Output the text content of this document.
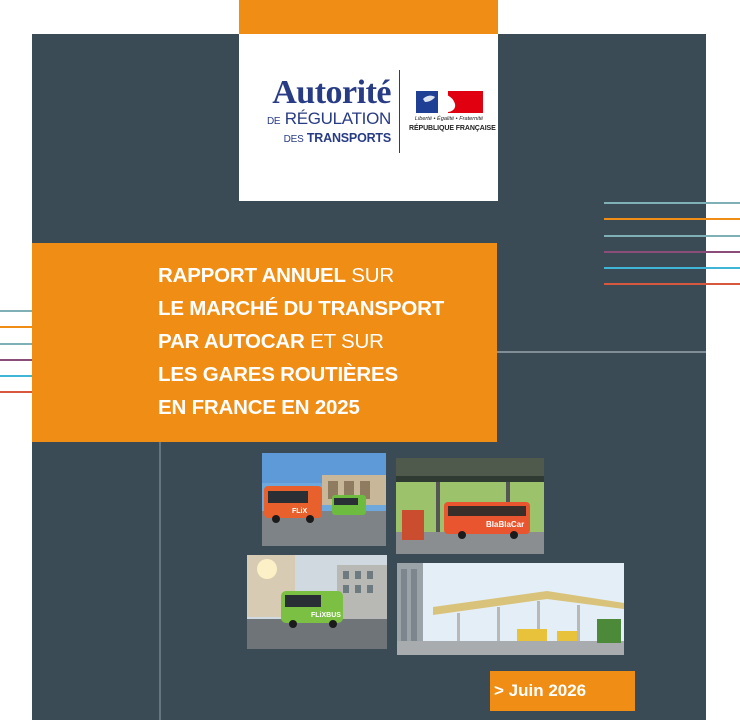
Autorité
DE RÉGULATION
DES TRANSPORTS
Liberté • Égalité • Fraternité
RÉPUBLIQUE FRANÇAISE
RAPPORT ANNUEL SUR
LE MARCHÉ DU TRANSPORT
PAR AUTOCAR ET SUR
LES GARES ROUTIÈRES
EN FRANCE EN 2025
FLiX
BlaBlaCar
FLiXBUS
> Juin 2026
